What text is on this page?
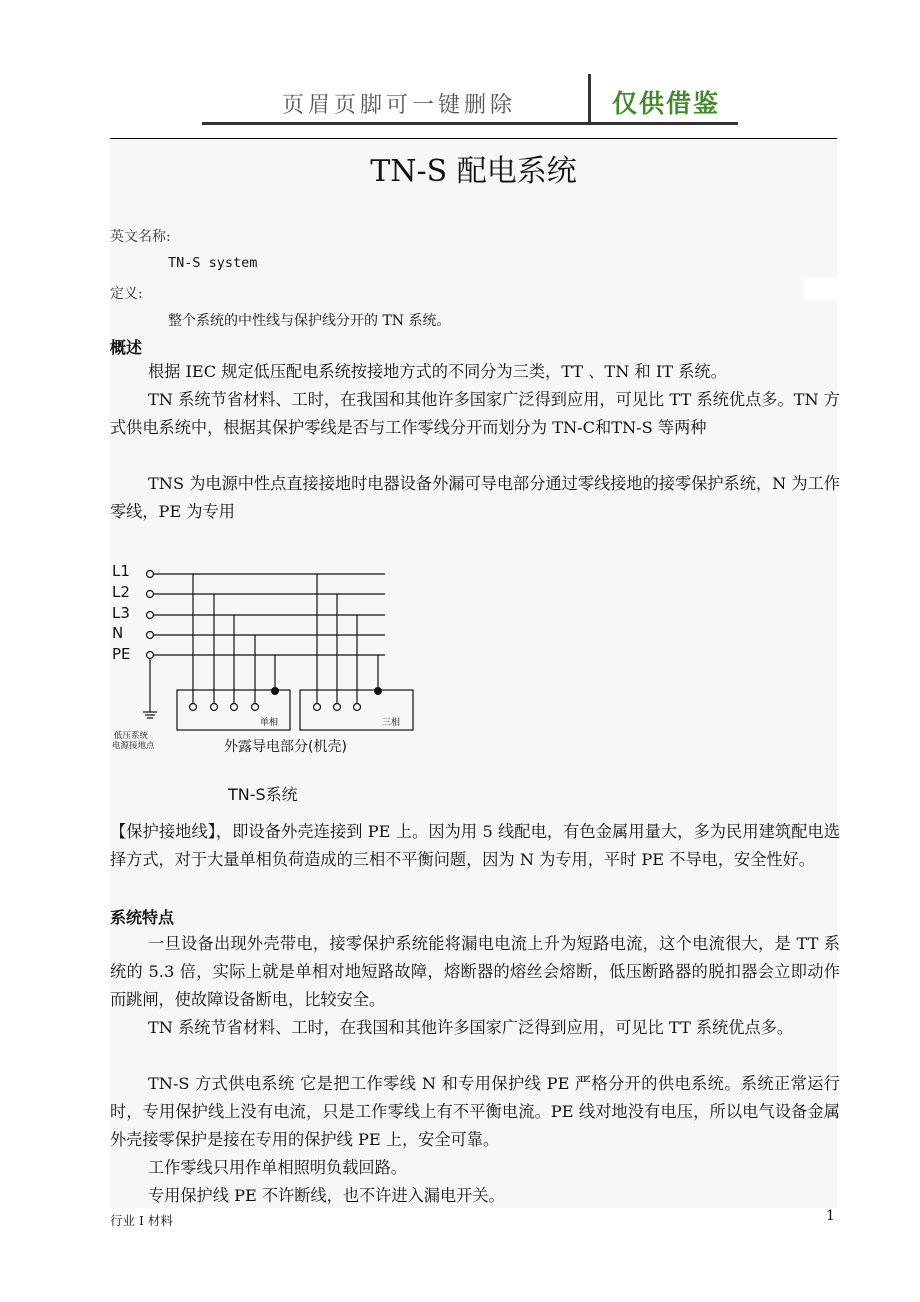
页眉页脚可一键删除	仅供借鉴
TN-S 配电系统
英文名称:
TN-S system
定义:
整个系统的中性线与保护线分开的 TN 系统。
概述

根据 IEC 规定低压配电系统按接地方式的不同分为三类，TT 、TN 和 IT 系统。

TN 系统节省材料、工时，在我国和其他许多国家广泛得到应用，可见比 TT 系统优点多。TN 方式供电系统中，根据其保护零线是否与工作零线分开而划分为 TN-C和TN-S 等两种

TNS 为电源中性点直接接地时电器设备外漏可导电部分通过零线接地的接零保护系统，N 为工作零线，PE 为专用

L1
L2
L3
N
PE
单相	三相
低压系统
电源接地点	外露导电部分(机壳)
TN-S系统

【保护接地线】，即设备外壳连接到 PE 上。因为用 5 线配电，有色金属用量大，多为民用建筑配电选择方式，对于大量单相负荷造成的三相不平衡问题，因为 N 为专用，平时 PE 不导电，安全性好。

系统特点

一旦设备出现外壳带电，接零保护系统能将漏电电流上升为短路电流，这个电流很大，是 TT 系统的 5.3 倍，实际上就是单相对地短路故障，熔断器的熔丝会熔断，低压断路器的脱扣器会立即动作而跳闸，使故障设备断电，比较安全。

TN 系统节省材料、工时，在我国和其他许多国家广泛得到应用，可见比 TT 系统优点多。

TN-S 方式供电系统 它是把工作零线 N 和专用保护线 PE 严格分开的供电系统。系统正常运行时，专用保护线上没有电流，只是工作零线上有不平衡电流。PE 线对地没有电压，所以电气设备金属外壳接零保护是接在专用的保护线 PE 上，安全可靠。

工作零线只用作单相照明负载回路。

专用保护线 PE 不许断线，也不许进入漏电开关。

行业 I 材料	1
